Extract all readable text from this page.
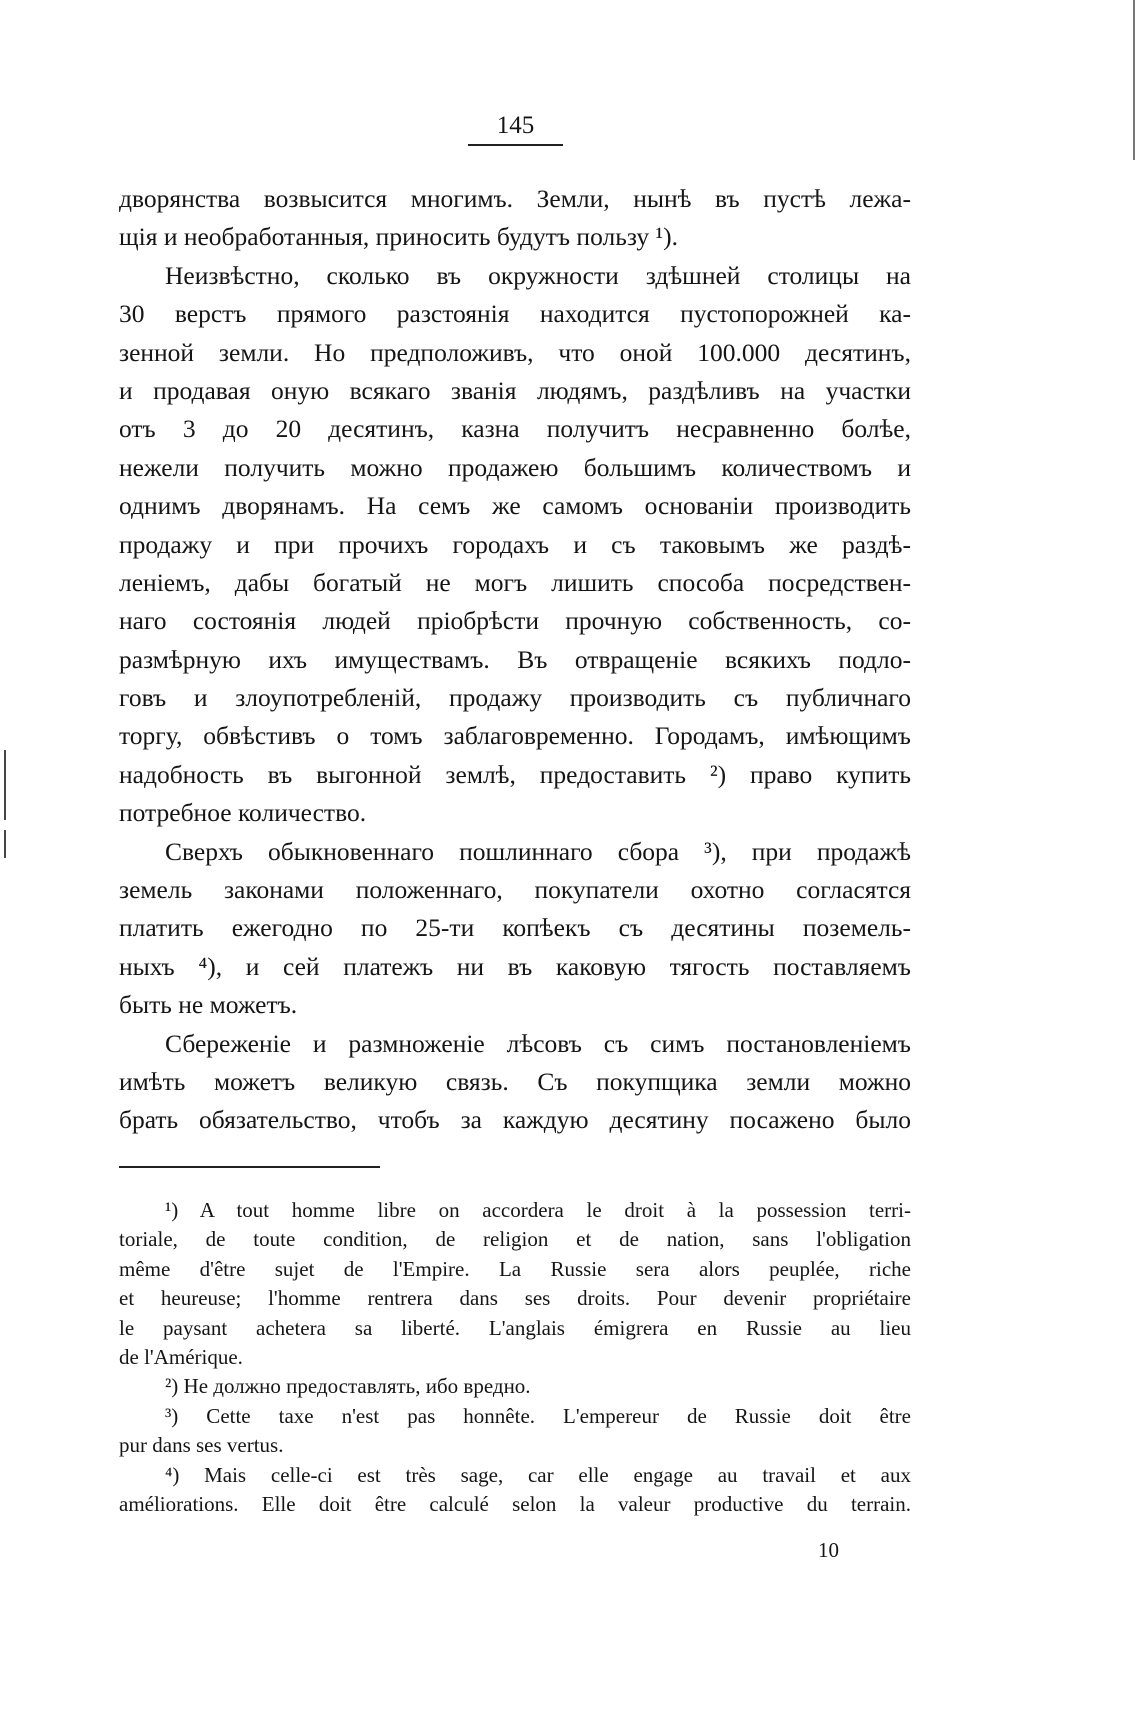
145
дворянства возвысится многимъ. Земли, нынѣ въ пустѣ лежа-
щія и необработанныя, приносить будутъ пользу ¹).
Неизвѣстно, сколько въ окружности здѣшней столицы на
30 верстъ прямого разстоянія находится пустопорожней ка-
зенной земли. Но предположивъ, что оной 100.000 десятинъ,
и продавая оную всякаго званія людямъ, раздѣливъ на участки
отъ 3 до 20 десятинъ, казна получитъ несравненно болѣе,
нежели получить можно продажею большимъ количествомъ и
однимъ дворянамъ. На семъ же самомъ основаніи производить
продажу и при прочихъ городахъ и съ таковымъ же раздѣ-
леніемъ, дабы богатый не могъ лишить способа посредствен-
наго состоянія людей пріобрѣсти прочную собственность, со-
размѣрную ихъ имуществамъ. Въ отвращеніе всякихъ подло-
говъ и злоупотребленій, продажу производить съ публичнаго
торгу, обвѣстивъ о томъ заблаговременно. Городамъ, имѣющимъ
надобность въ выгонной землѣ, предоставить ²) право купить
потребное количество.
Сверхъ обыкновеннаго пошлиннаго сбора ³), при продажѣ
земель законами положеннаго, покупатели охотно согласятся
платить ежегодно по 25-ти копѣекъ съ десятины поземель-
ныхъ ⁴), и сей платежъ ни въ каковую тягость поставляемъ
быть не можетъ.
Сбереженіе и размноженіе лѣсовъ съ симъ постановленіемъ
имѣть можетъ великую связь. Съ покупщика земли можно
брать обязательство, чтобъ за каждую десятину посажено было
¹) A tout homme libre on accordera le droit à la possession terri-
toriale, de toute condition, de religion et de nation, sans l'obligation
même d'être sujet de l'Empire. La Russie sera alors peuplée, riche
et heureuse; l'homme rentrera dans ses droits. Pour devenir propriétaire
le paysant achetera sa liberté. L'anglais émigrera en Russie au lieu
de l'Amérique.
²) Не должно предоставлять, ибо вредно.
³) Cette taxe n'est pas honnête. L'empereur de Russie doit être
pur dans ses vertus.
⁴) Mais celle-ci est très sage, car elle engage au travail et aux
améliorations. Elle doit être calculé selon la valeur productive du terrain.
10
